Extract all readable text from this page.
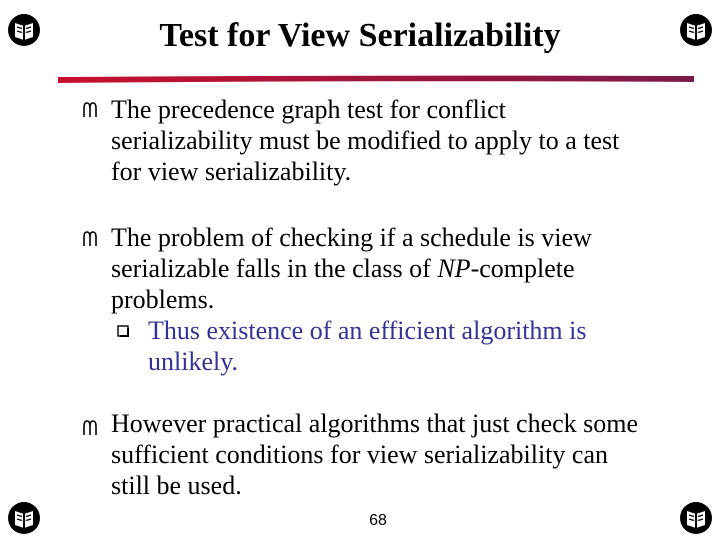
Test for View Serializability
The precedence graph test for conflict
serializability must be modified to apply to a test
for view serializability.
The problem of checking if a schedule is view
serializable falls in the class of NP-complete
problems.
Thus existence of an efficient algorithm is
unlikely.
However practical algorithms that just check some
sufficient conditions for view serializability can
still be used.
68
